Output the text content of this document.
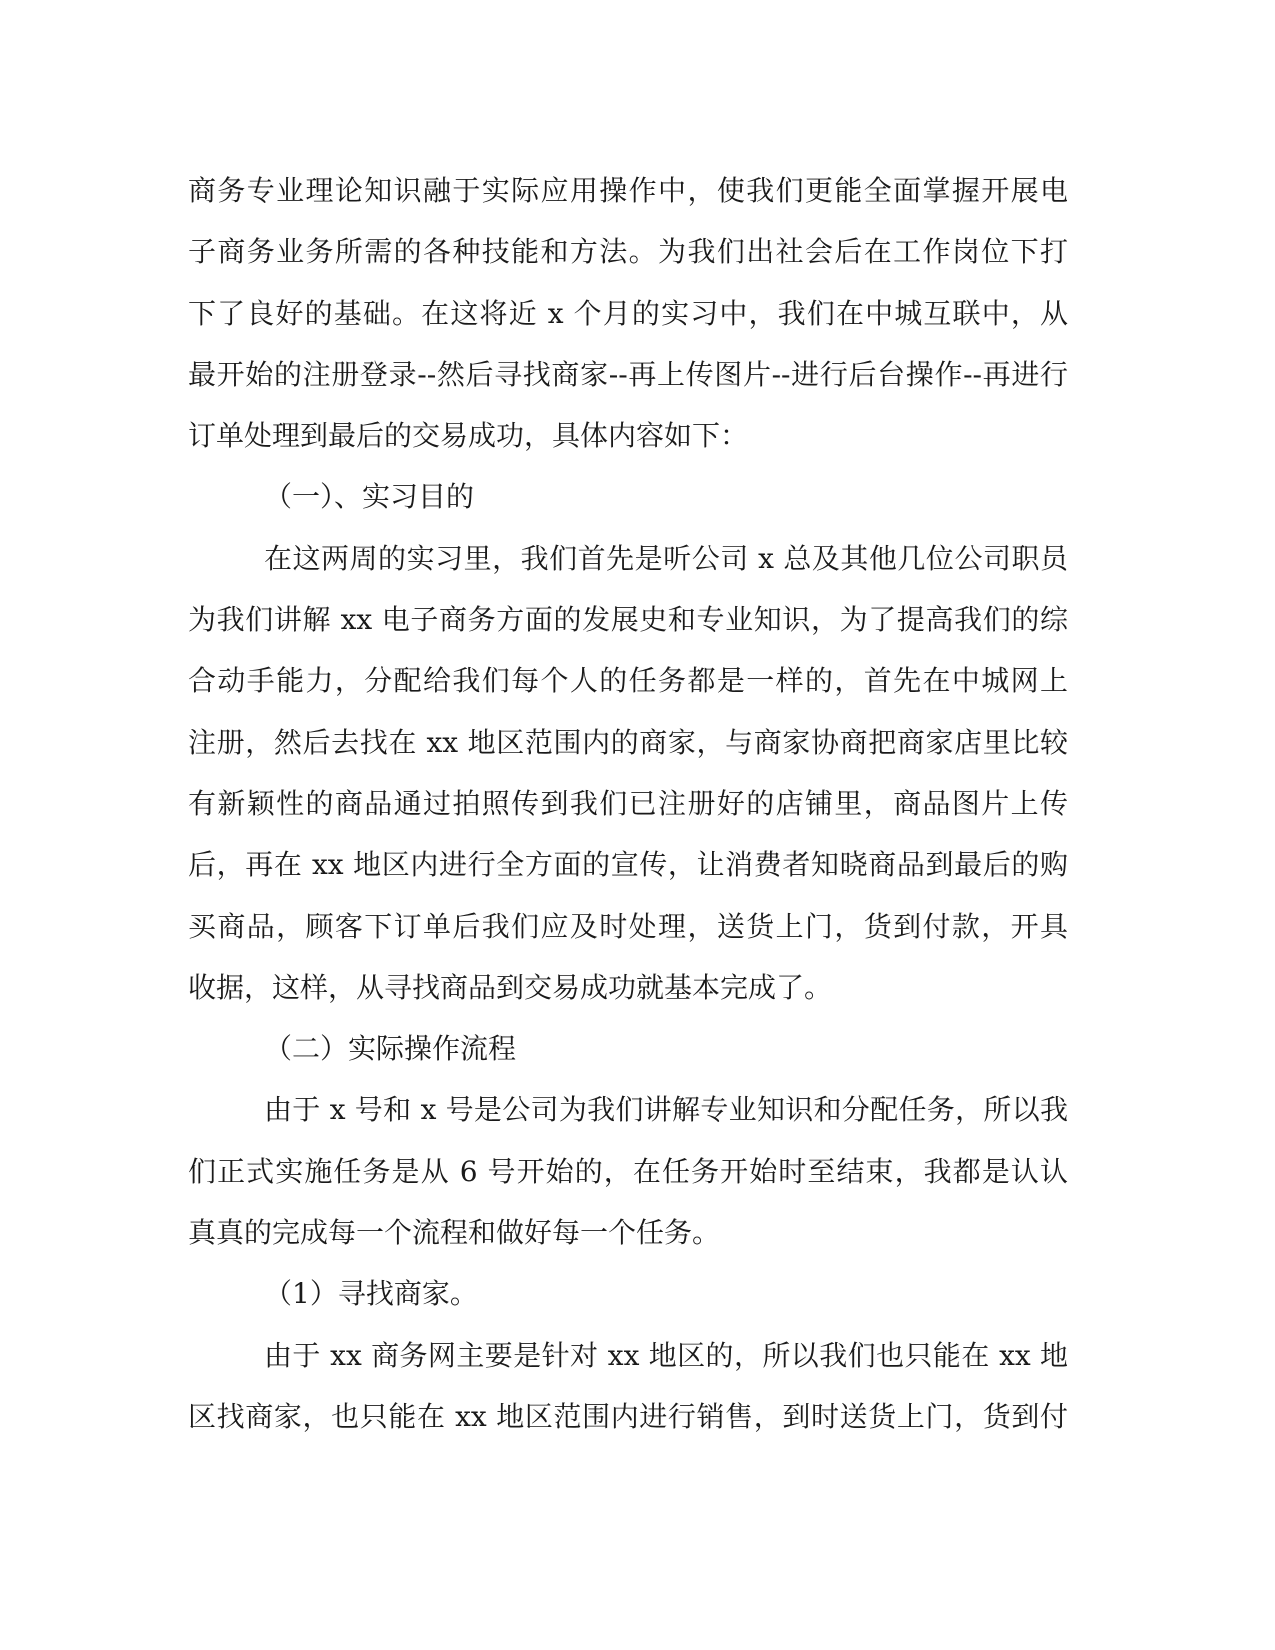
商务专业理论知识融于实际应用操作中，使我们更能全面掌握开展电
子商务业务所需的各种技能和方法。为我们出社会后在工作岗位下打
下了良好的基础。在这将近 x 个月的实习中，我们在中城互联中，从
最开始的注册登录--然后寻找商家--再上传图片--进行后台操作--再进行
订单处理到最后的交易成功，具体内容如下：
（一）、实习目的
在这两周的实习里，我们首先是听公司 x 总及其他几位公司职员
为我们讲解 xx 电子商务方面的发展史和专业知识，为了提高我们的综
合动手能力，分配给我们每个人的任务都是一样的，首先在中城网上
注册，然后去找在 xx 地区范围内的商家，与商家协商把商家店里比较
有新颖性的商品通过拍照传到我们已注册好的店铺里，商品图片上传
后，再在 xx 地区内进行全方面的宣传，让消费者知晓商品到最后的购
买商品，顾客下订单后我们应及时处理，送货上门，货到付款，开具
收据，这样，从寻找商品到交易成功就基本完成了。
（二）实际操作流程
由于 x 号和 x 号是公司为我们讲解专业知识和分配任务，所以我
们正式实施任务是从 6 号开始的，在任务开始时至结束，我都是认认
真真的完成每一个流程和做好每一个任务。
（1）寻找商家。
由于 xx 商务网主要是针对 xx 地区的，所以我们也只能在 xx 地
区找商家，也只能在 xx 地区范围内进行销售，到时送货上门，货到付
